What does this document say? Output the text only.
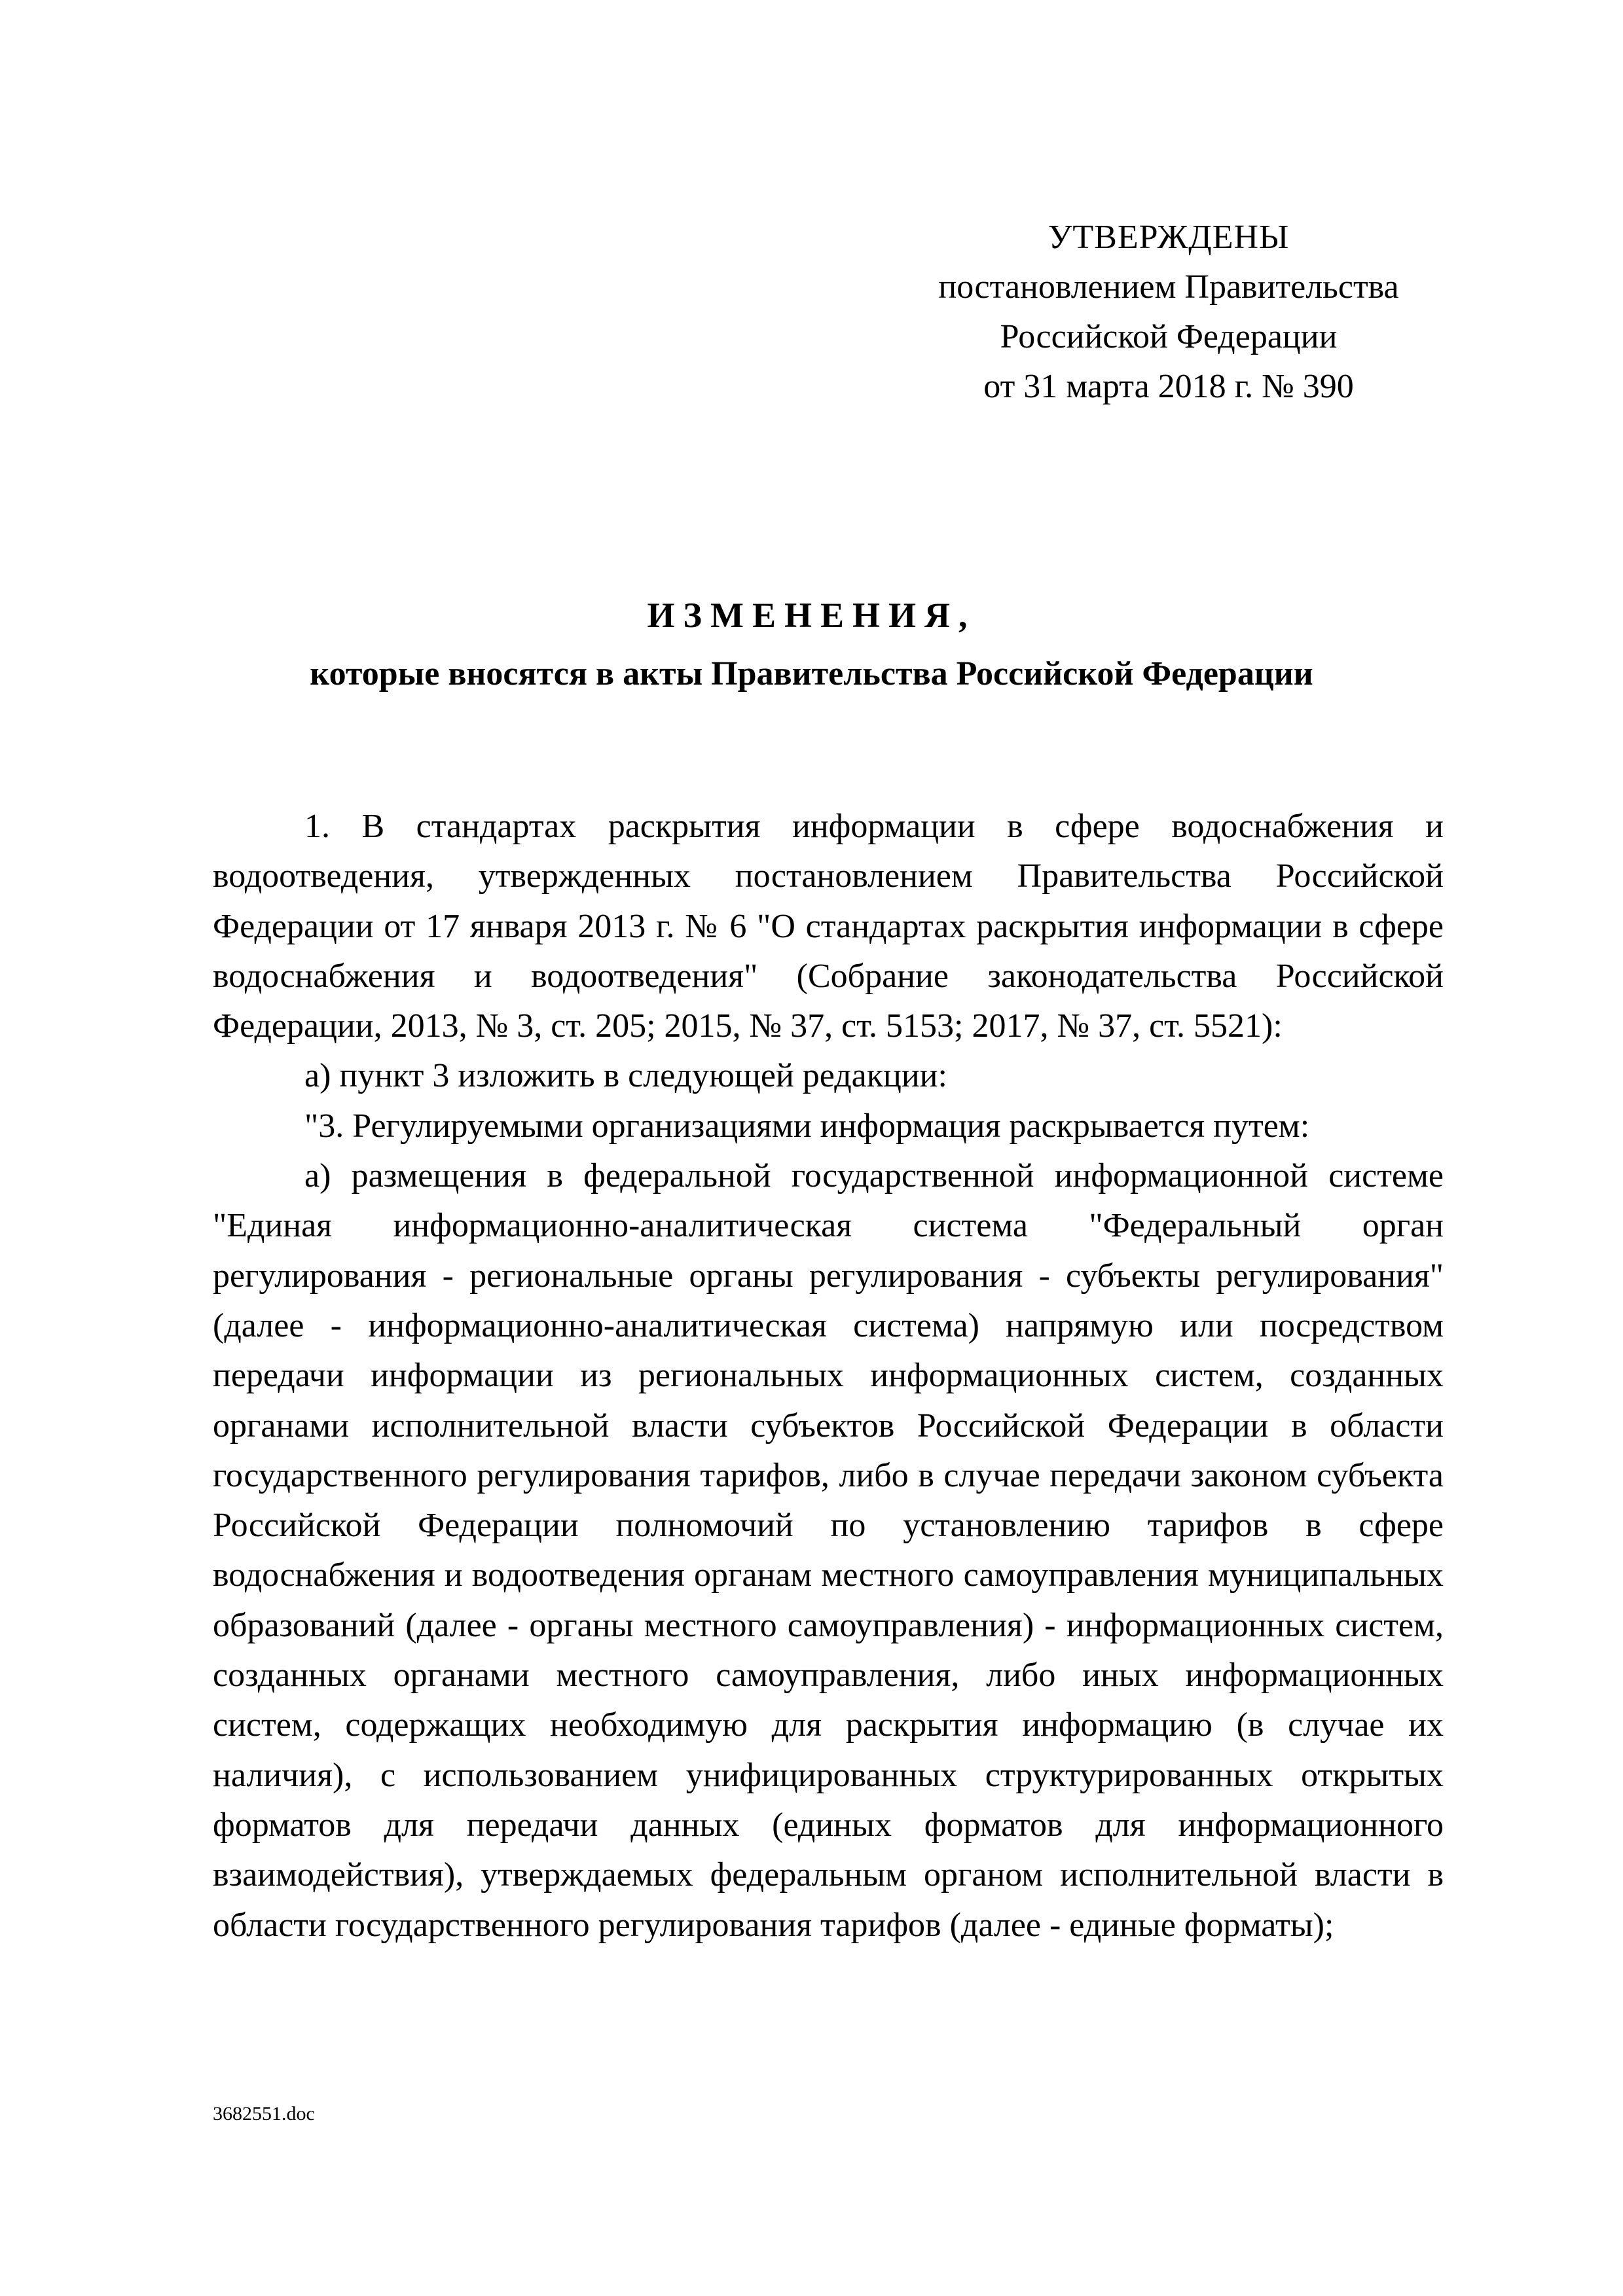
УТВЕРЖДЕНЫ
постановлением Правительства
Российской Федерации
от 31 марта 2018 г. № 390
ИЗМЕНЕНИЯ,
которые вносятся в акты Правительства Российской Федерации

1. В стандартах раскрытия информации в сфере водоснабжения и водоотведения, утвержденных постановлением Правительства Российской Федерации от 17 января 2013 г. № 6 "О стандартах раскрытия информации в сфере водоснабжения и водоотведения" (Собрание законодательства Российской Федерации, 2013, № 3, ст. 205; 2015, № 37, ст. 5153; 2017, № 37, ст. 5521):

а) пункт 3 изложить в следующей редакции:

"3. Регулируемыми организациями информация раскрывается путем:

а) размещения в федеральной государственной информационной системе "Единая информационно-аналитическая система "Федеральный орган регулирования - региональные органы регулирования - субъекты регулирования" (далее - информационно-аналитическая система) напрямую или посредством передачи информации из региональных информационных систем, созданных органами исполнительной власти субъектов Российской Федерации в области государственного регулирования тарифов, либо в случае передачи законом субъекта Российской Федерации полномочий по установлению тарифов в сфере водоснабжения и водоотведения органам местного самоуправления муниципальных образований (далее - органы местного самоуправления) - информационных систем, созданных органами местного самоуправления, либо иных информационных систем, содержащих необходимую для раскрытия информацию (в случае их наличия), с использованием унифицированных структурированных открытых форматов для передачи данных (единых форматов для информационного взаимодействия), утверждаемых федеральным органом исполнительной власти в области государственного регулирования тарифов (далее - единые форматы);

3682551.doc
